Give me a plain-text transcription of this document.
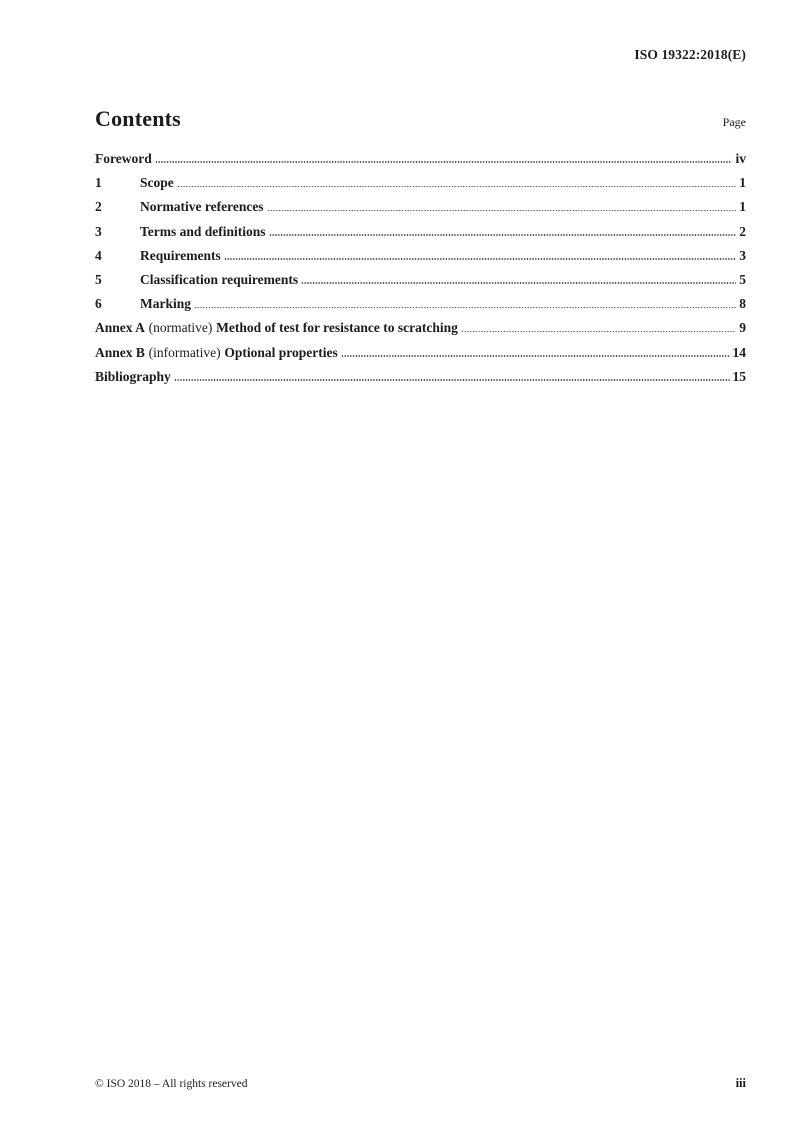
ISO 19322:2018(E)
Contents	Page
Foreword	iv
1	Scope	1
2	Normative references	1
3	Terms and definitions	2
4	Requirements	3
5	Classification requirements	5
6	Marking	8
Annex A (normative) Method of test for resistance to scratching	9
Annex B (informative) Optional properties	14
Bibliography	15
© ISO 2018 – All rights reserved	iii
